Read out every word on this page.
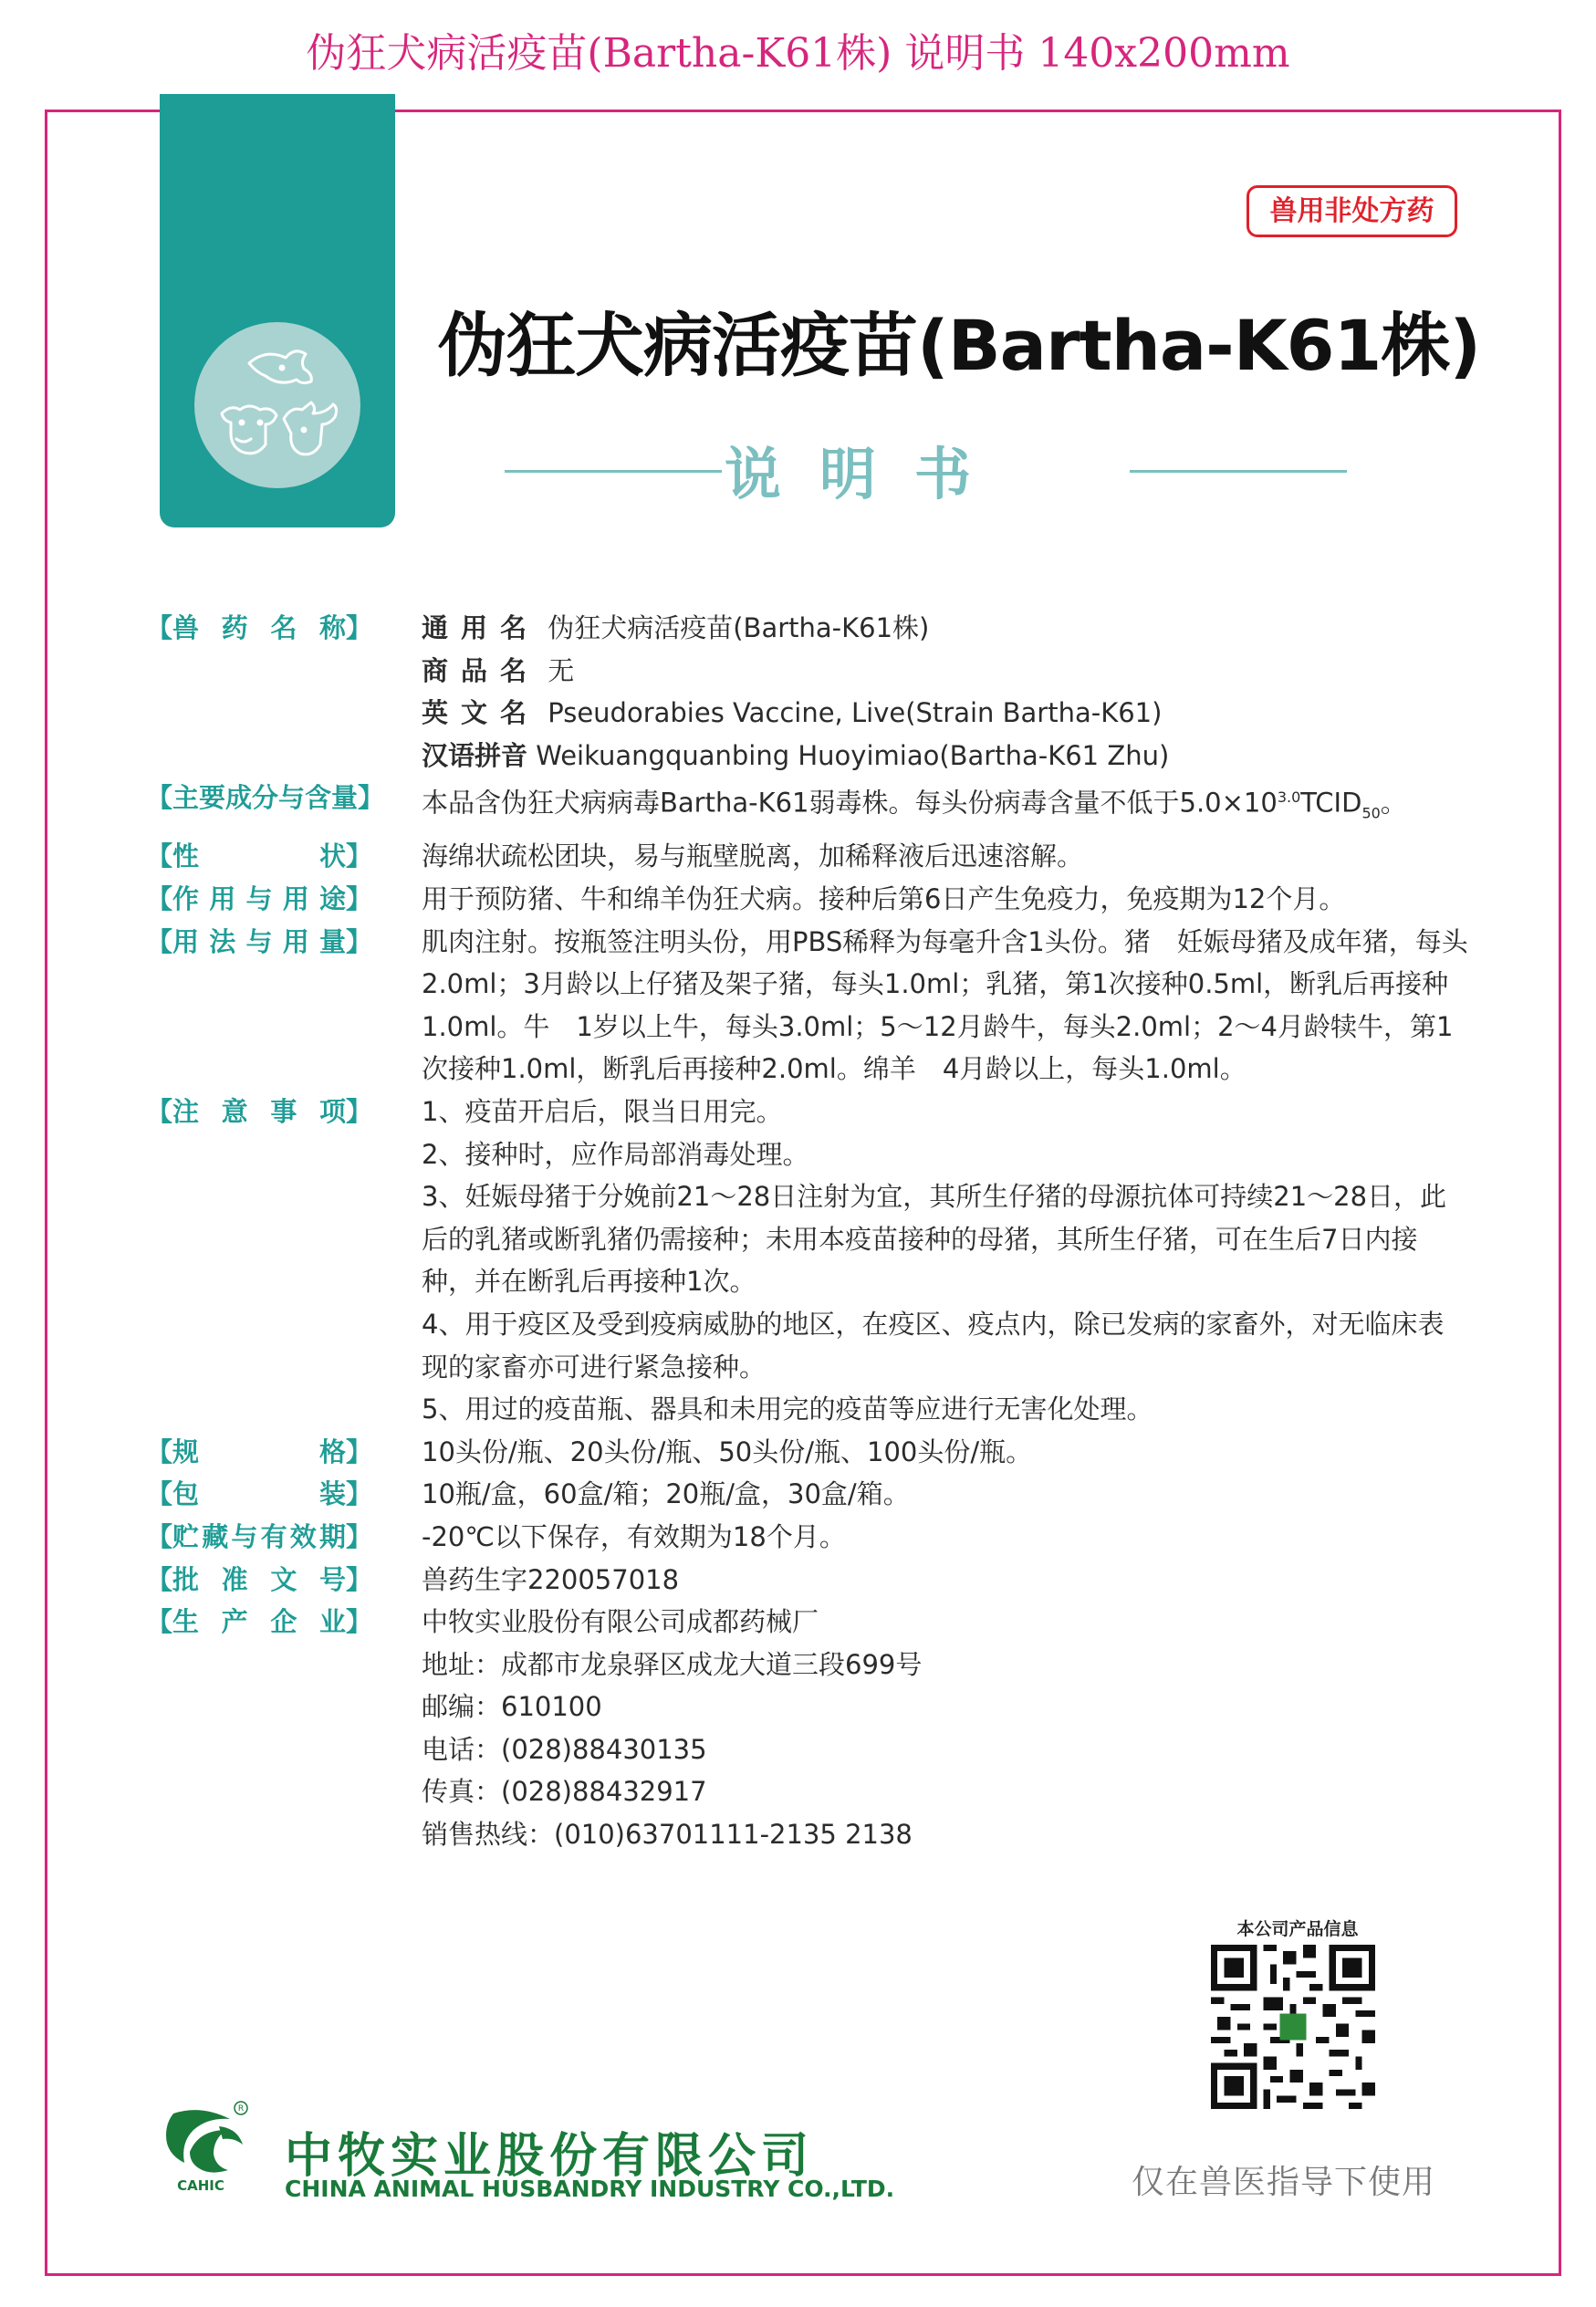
伪狂犬病活疫苗(Bartha-K61株) 说明书 140x200mm
兽用非处方药
伪狂犬病活疫苗(Bartha-K61株)
说明书
【兽 药 名 称】 通用名 伪狂犬病活疫苗(Bartha-K61株)
商品名 无
英文名 Pseudorabies Vaccine, Live(Strain Bartha-K61)
汉语拼音 Weikuangquanbing Huoyimiao(Bartha-K61 Zhu)
【主要成分与含量】	本品含伪狂犬病病毒Bartha-K61弱毒株。每头份病毒含量不低于$5.0\times 10^{3.0}TCID_{50}$。
【性	状】 海绵状疏松团块，易与瓶壁脱离，加稀释液后迅速溶解。
【作 用 与 用 途】 用于预防猪、牛和绵羊伪狂犬病。接种后第6日产生免疫力，免疫期为12个月。
【用 法 与 用 量】 肌肉注射。按瓶签注明头份，用PBS稀释为每毫升含1头份。猪　妊娠母猪及成年猪，每头2.0ml；3月龄以上仔猪及架子猪，每头1.0ml；乳猪，第1次接种0.5ml，断乳后再接种1.0ml。牛　1岁以上牛，每头3.0ml；5～12月龄牛，每头2.0ml；2～4月龄犊牛，第1次接种1.0ml，断乳后再接种2.0ml。绵羊　4月龄以上，每头1.0ml。
【注 意 事 项】 1、疫苗开启后，限当日用完。
2、接种时，应作局部消毒处理。
3、妊娠母猪于分娩前21～28日注射为宜，其所生仔猪的母源抗体可持续21～28日，此后的乳猪或断乳猪仍需接种；未用本疫苗接种的母猪，其所生仔猪，可在生后7日内接种，并在断乳后再接种1次。
4、用于疫区及受到疫病威胁的地区，在疫区、疫点内，除已发病的家畜外，对无临床表现的家畜亦可进行紧急接种。
5、用过的疫苗瓶、器具和未用完的疫苗等应进行无害化处理。
【规	格】 10头份/瓶、20头份/瓶、50头份/瓶、100头份/瓶。
【包	装】 10瓶/盒，60盒/箱；20瓶/盒，30盒/箱。
【贮 藏 与 有 效 期】 -20℃以下保存，有效期为18个月。
【批 准 文 号】 兽药生字220057018
【生 产 企 业】 中牧实业股份有限公司成都药械厂
地址：成都市龙泉驿区成龙大道三段699号
邮编：610100
电话：(028)88430135
传真：(028)88432917
销售热线：(010)63701111-2135 2138
本公司产品信息
R
CAHIC
中牧实业股份有限公司
CHINA ANIMAL HUSBANDRY INDUSTRY CO.,LTD.	仅在兽医指导下使用
